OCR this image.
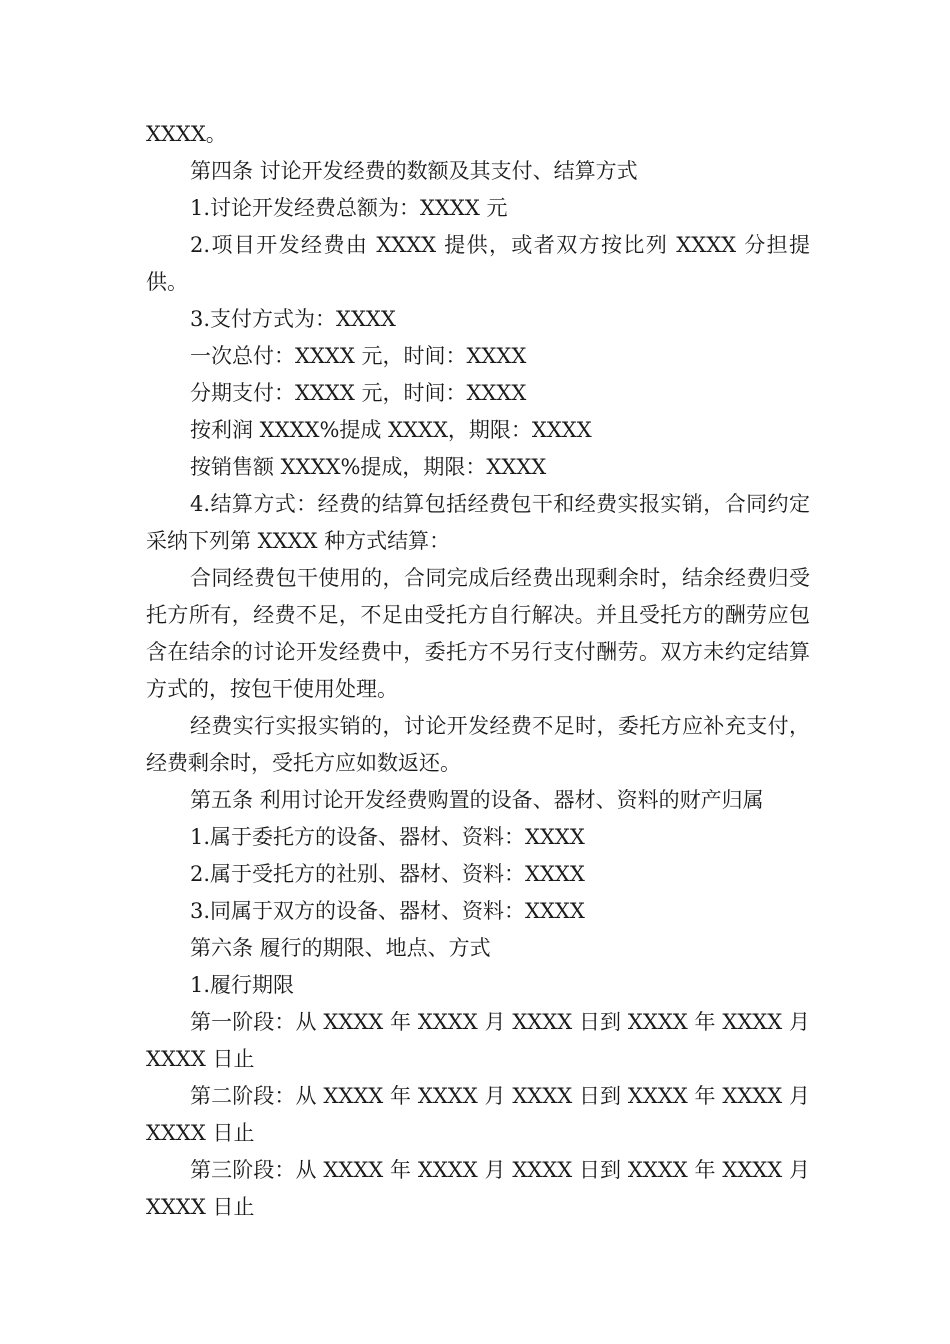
XXXX。

第四条 讨论开发经费的数额及其支付、结算方式

1.讨论开发经费总额为：XXXX 元

2.项目开发经费由 XXXX 提供，或者双方按比列 XXXX 分担提供。

3.支付方式为：XXXX

一次总付：XXXX 元，时间：XXXX

分期支付：XXXX 元，时间：XXXX

按利润 XXXX%提成 XXXX，期限：XXXX

按销售额 XXXX%提成，期限：XXXX

4.结算方式：经费的结算包括经费包干和经费实报实销，合同约定采纳下列第 XXXX 种方式结算：

合同经费包干使用的，合同完成后经费出现剩余时，结余经费归受托方所有，经费不足，不足由受托方自行解决。并且受托方的酬劳应包含在结余的讨论开发经费中，委托方不另行支付酬劳。双方未约定结算方式的，按包干使用处理。

经费实行实报实销的，讨论开发经费不足时，委托方应补充支付，经费剩余时，受托方应如数返还。

第五条 利用讨论开发经费购置的设备、器材、资料的财产归属

1.属于委托方的设备、器材、资料：XXXX

2.属于受托方的社别、器材、资料：XXXX

3.同属于双方的设备、器材、资料：XXXX

第六条 履行的期限、地点、方式

1.履行期限

第一阶段：从 XXXX 年 XXXX 月 XXXX 日到 XXXX 年 XXXX 月 XXXX 日止

第二阶段：从 XXXX 年 XXXX 月 XXXX 日到 XXXX 年 XXXX 月 XXXX 日止

第三阶段：从 XXXX 年 XXXX 月 XXXX 日到 XXXX 年 XXXX 月 XXXX 日止
